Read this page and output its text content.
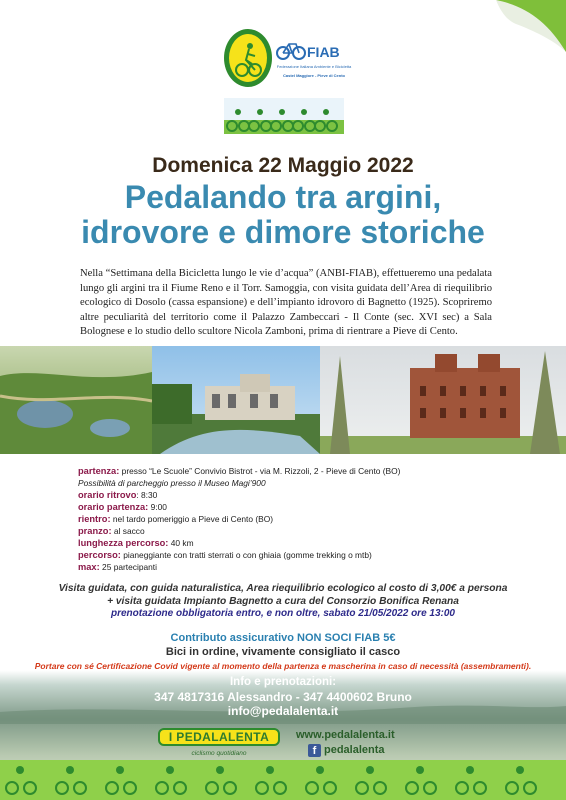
FIAB
Federazione Italiana Ambiente e Bicicletta
Castel Maggiore - Pieve di Cento
Domenica 22 Maggio 2022
Pedalando tra argini,
idrovore e dimore storiche

Nella “Settimana della Bicicletta lungo le vie d’acqua” (ANBI-FIAB), effettueremo una pedalata lungo gli argini tra il Fiume Reno e il Torr. Samoggia, con visita guidata dell’Area di riequilibrio ecologico di Dosolo (cassa espansione) e dell’impianto idrovoro di Bagnetto (1925). Scopriremo altre peculiarità del territorio come il Palazzo Zambeccari - Il Conte (sec. XVI sec) a Sala Bolognese e lo studio dello scultore Nicola Zamboni, prima di rientrare a Pieve di Cento.

partenza: presso “Le Scuole” Convivio Bistrot - via M. Rizzoli, 2 - Pieve di Cento (BO)
Possibilità di parcheggio presso il Museo Magi’900
orario ritrovo: 8:30
orario partenza: 9:00
rientro: nel tardo pomeriggio a Pieve di Cento (BO)
pranzo: al sacco
lunghezza percorso: 40 km
percorso: pianeggiante con tratti sterrati o con ghiaia (gomme trekking o mtb)
max: 25 partecipanti
Visita guidata, con guida naturalistica, Area riequilibrio ecologico al costo di 3,00€ a persona
+ visita guidata Impianto Bagnetto a cura del Consorzio Bonifica Renana
prenotazione obbligatoria entro, e non oltre, sabato 21/05/2022 ore 13:00
Contributo assicurativo NON SOCI FIAB 5€
Bici in ordine, vivamente consigliato il casco
Portare con sé Certificazione Covid vigente al momento della partenza e mascherina in caso di necessità (assembramenti).
Info e prenotazioni:
347 4817316 Alessandro - 347 4400602 Bruno
info@pedalalenta.it
I PEDALALENTA
ciclismo quotidiano
www.pedalalenta.it
f pedalalenta
